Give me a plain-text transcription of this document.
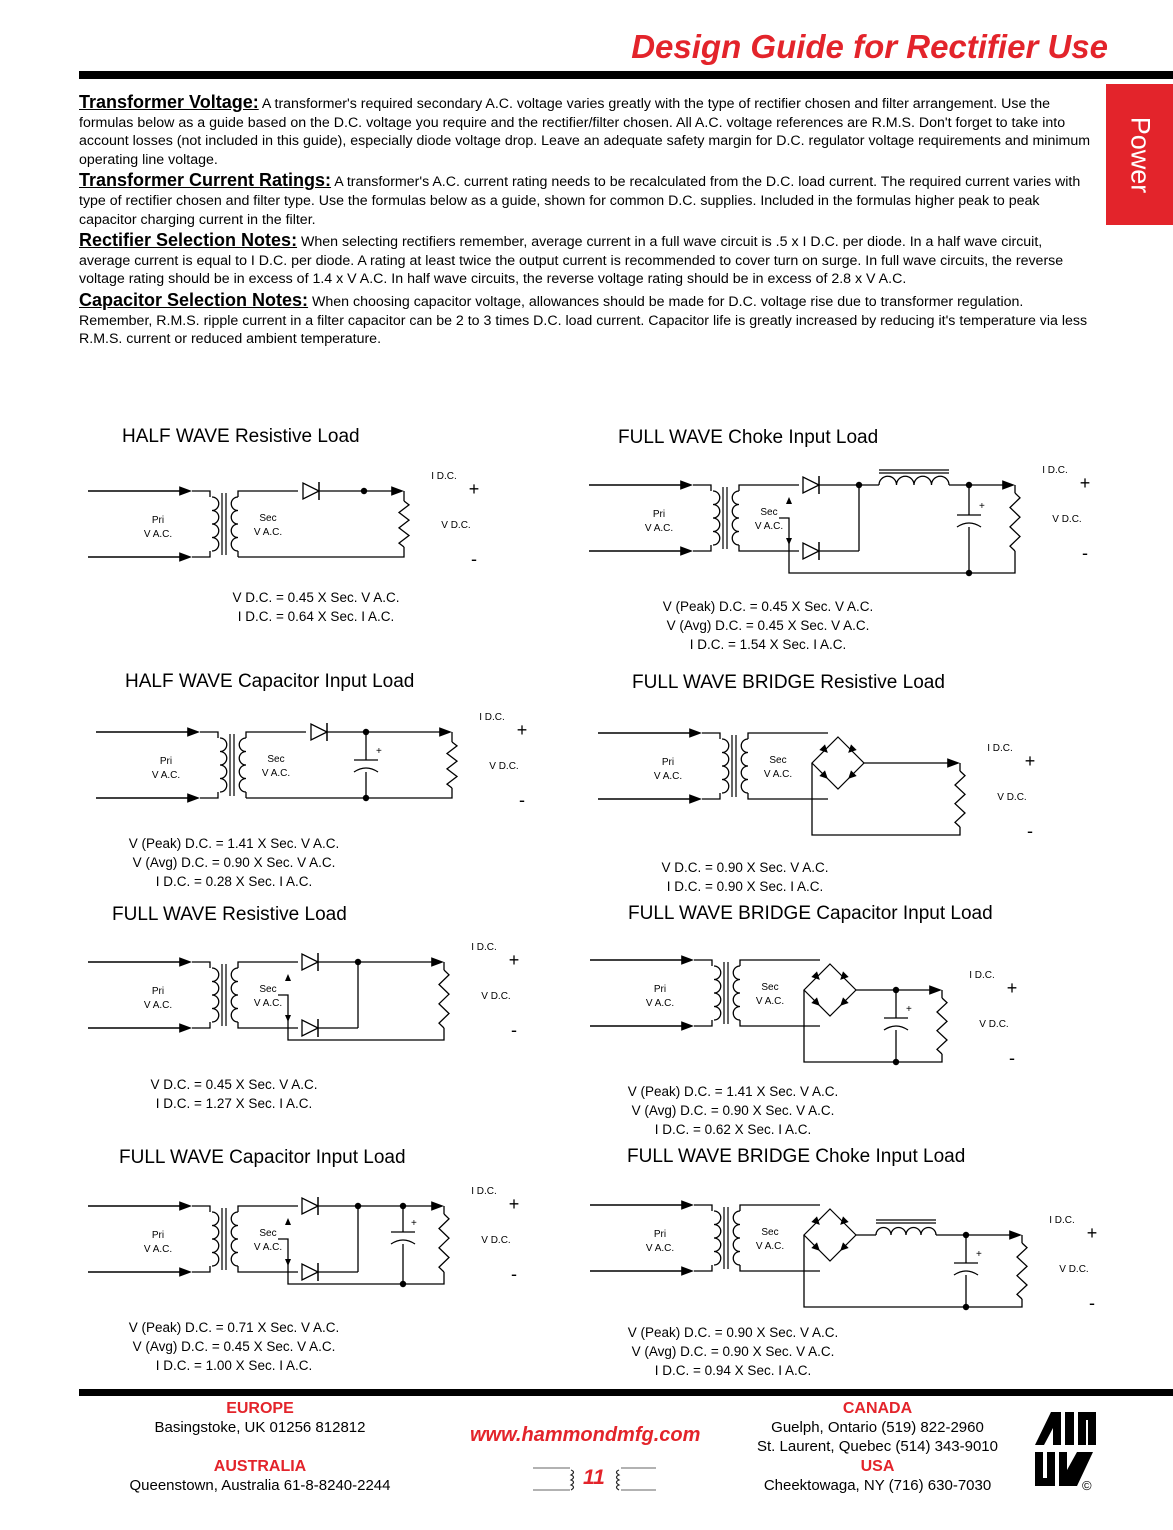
Design Guide for Rectifier Use
Power

Transformer Voltage: A transformer's required secondary A.C. voltage varies greatly with the type of rectifier chosen and filter arrangement. Use the formulas below as a guide based on the D.C. voltage you require and the rectifier/filter chosen. All A.C. voltage references are R.M.S. Don't forget to take into account losses (not included in this guide), especially diode voltage drop. Leave an adequate safety margin for D.C. regulator voltage requirements and minimum operating line voltage.

Transformer Current Ratings: A transformer's A.C. current rating needs to be recalculated from the D.C. load current. The required current varies with type of rectifier chosen and filter type. Use the formulas below as a guide, shown for common D.C. supplies. Included in the formulas higher peak to peak capacitor charging current in the filter.

Rectifier Selection Notes: When selecting rectifiers remember, average current in a full wave circuit is .5 x I D.C. per diode. In a half wave circuit, average current is equal to I D.C. per diode. A rating at least twice the output current is recommended to cover turn on surge. In full wave circuits, the reverse voltage rating should be in excess of 1.4 x V A.C. In half wave circuits, the reverse voltage rating should be in excess of 2.8 x V A.C.

Capacitor Selection Notes: When choosing capacitor voltage, allowances should be made for D.C. voltage rise due to transformer regulation. Remember, R.M.S. ripple current in a filter capacitor can be 2 to 3 times D.C. load current. Capacitor life is greatly increased by reducing it's temperature via less R.M.S. current or reduced ambient temperature.

HALF WAVE Resistive Load
Pri
V A.C.
Sec
V A.C.
I D.C.
+
-
V D.C.
V D.C. = 0.45 X Sec. V A.C.
I D.C. = 0.64 X Sec. I A.C.
FULL WAVE Choke Input Load
Pri
V A.C.
Sec
V A.C.
+
I D.C.
+
-
V D.C.
V (Peak) D.C. = 0.45 X Sec. V A.C.
V (Avg) D.C. = 0.45 X Sec. V A.C.
I D.C. = 1.54 X Sec. I A.C.
HALF WAVE Capacitor Input Load
Pri
V A.C.
Sec
V A.C.
+
I D.C.
+
-
V D.C.
V (Peak) D.C. = 1.41 X Sec. V A.C.
V (Avg) D.C. = 0.90 X Sec. V A.C.
I D.C. = 0.28 X Sec. I A.C.
FULL WAVE BRIDGE Resistive Load
Pri
V A.C.
Sec
V A.C.
I D.C.
+
-
V D.C.
V D.C. = 0.90 X Sec. V A.C.
I D.C. = 0.90 X Sec. I A.C.
FULL WAVE Resistive Load
Pri
V A.C.
Sec
V A.C.
I D.C.
+
-
V D.C.
V D.C. = 0.45 X Sec. V A.C.
I D.C. = 1.27 X Sec. I A.C.
FULL WAVE BRIDGE Capacitor Input Load
Pri
V A.C.
Sec
V A.C.
+
I D.C.
+
-
V D.C.
V (Peak) D.C. = 1.41 X Sec. V A.C.
V (Avg) D.C. = 0.90 X Sec. V A.C.
I D.C. = 0.62 X Sec. I A.C.
FULL WAVE Capacitor Input Load
Pri
V A.C.
Sec
V A.C.
+
I D.C.
+
-
V D.C.
V (Peak) D.C. = 0.71 X Sec. V A.C.
V (Avg) D.C. = 0.45 X Sec. V A.C.
I D.C. = 1.00 X Sec. I A.C.
FULL WAVE BRIDGE Choke Input Load
Pri
V A.C.
Sec
V A.C.
+
I D.C.
+
-
V D.C.
V (Peak) D.C. = 0.90 X Sec. V A.C.
V (Avg) D.C. = 0.90 X Sec. V A.C.
I D.C. = 0.94 X Sec. I A.C.
EUROPE
Basingstoke, UK 01256 812812
AUSTRALIA
Queenstown, Australia 61-8-8240-2244
www.hammondmfg.com
11
CANADA
Guelph, Ontario (519) 822-2960
St. Laurent, Quebec (514) 343-9010
USA
Cheektowaga, NY (716) 630-7030	©
